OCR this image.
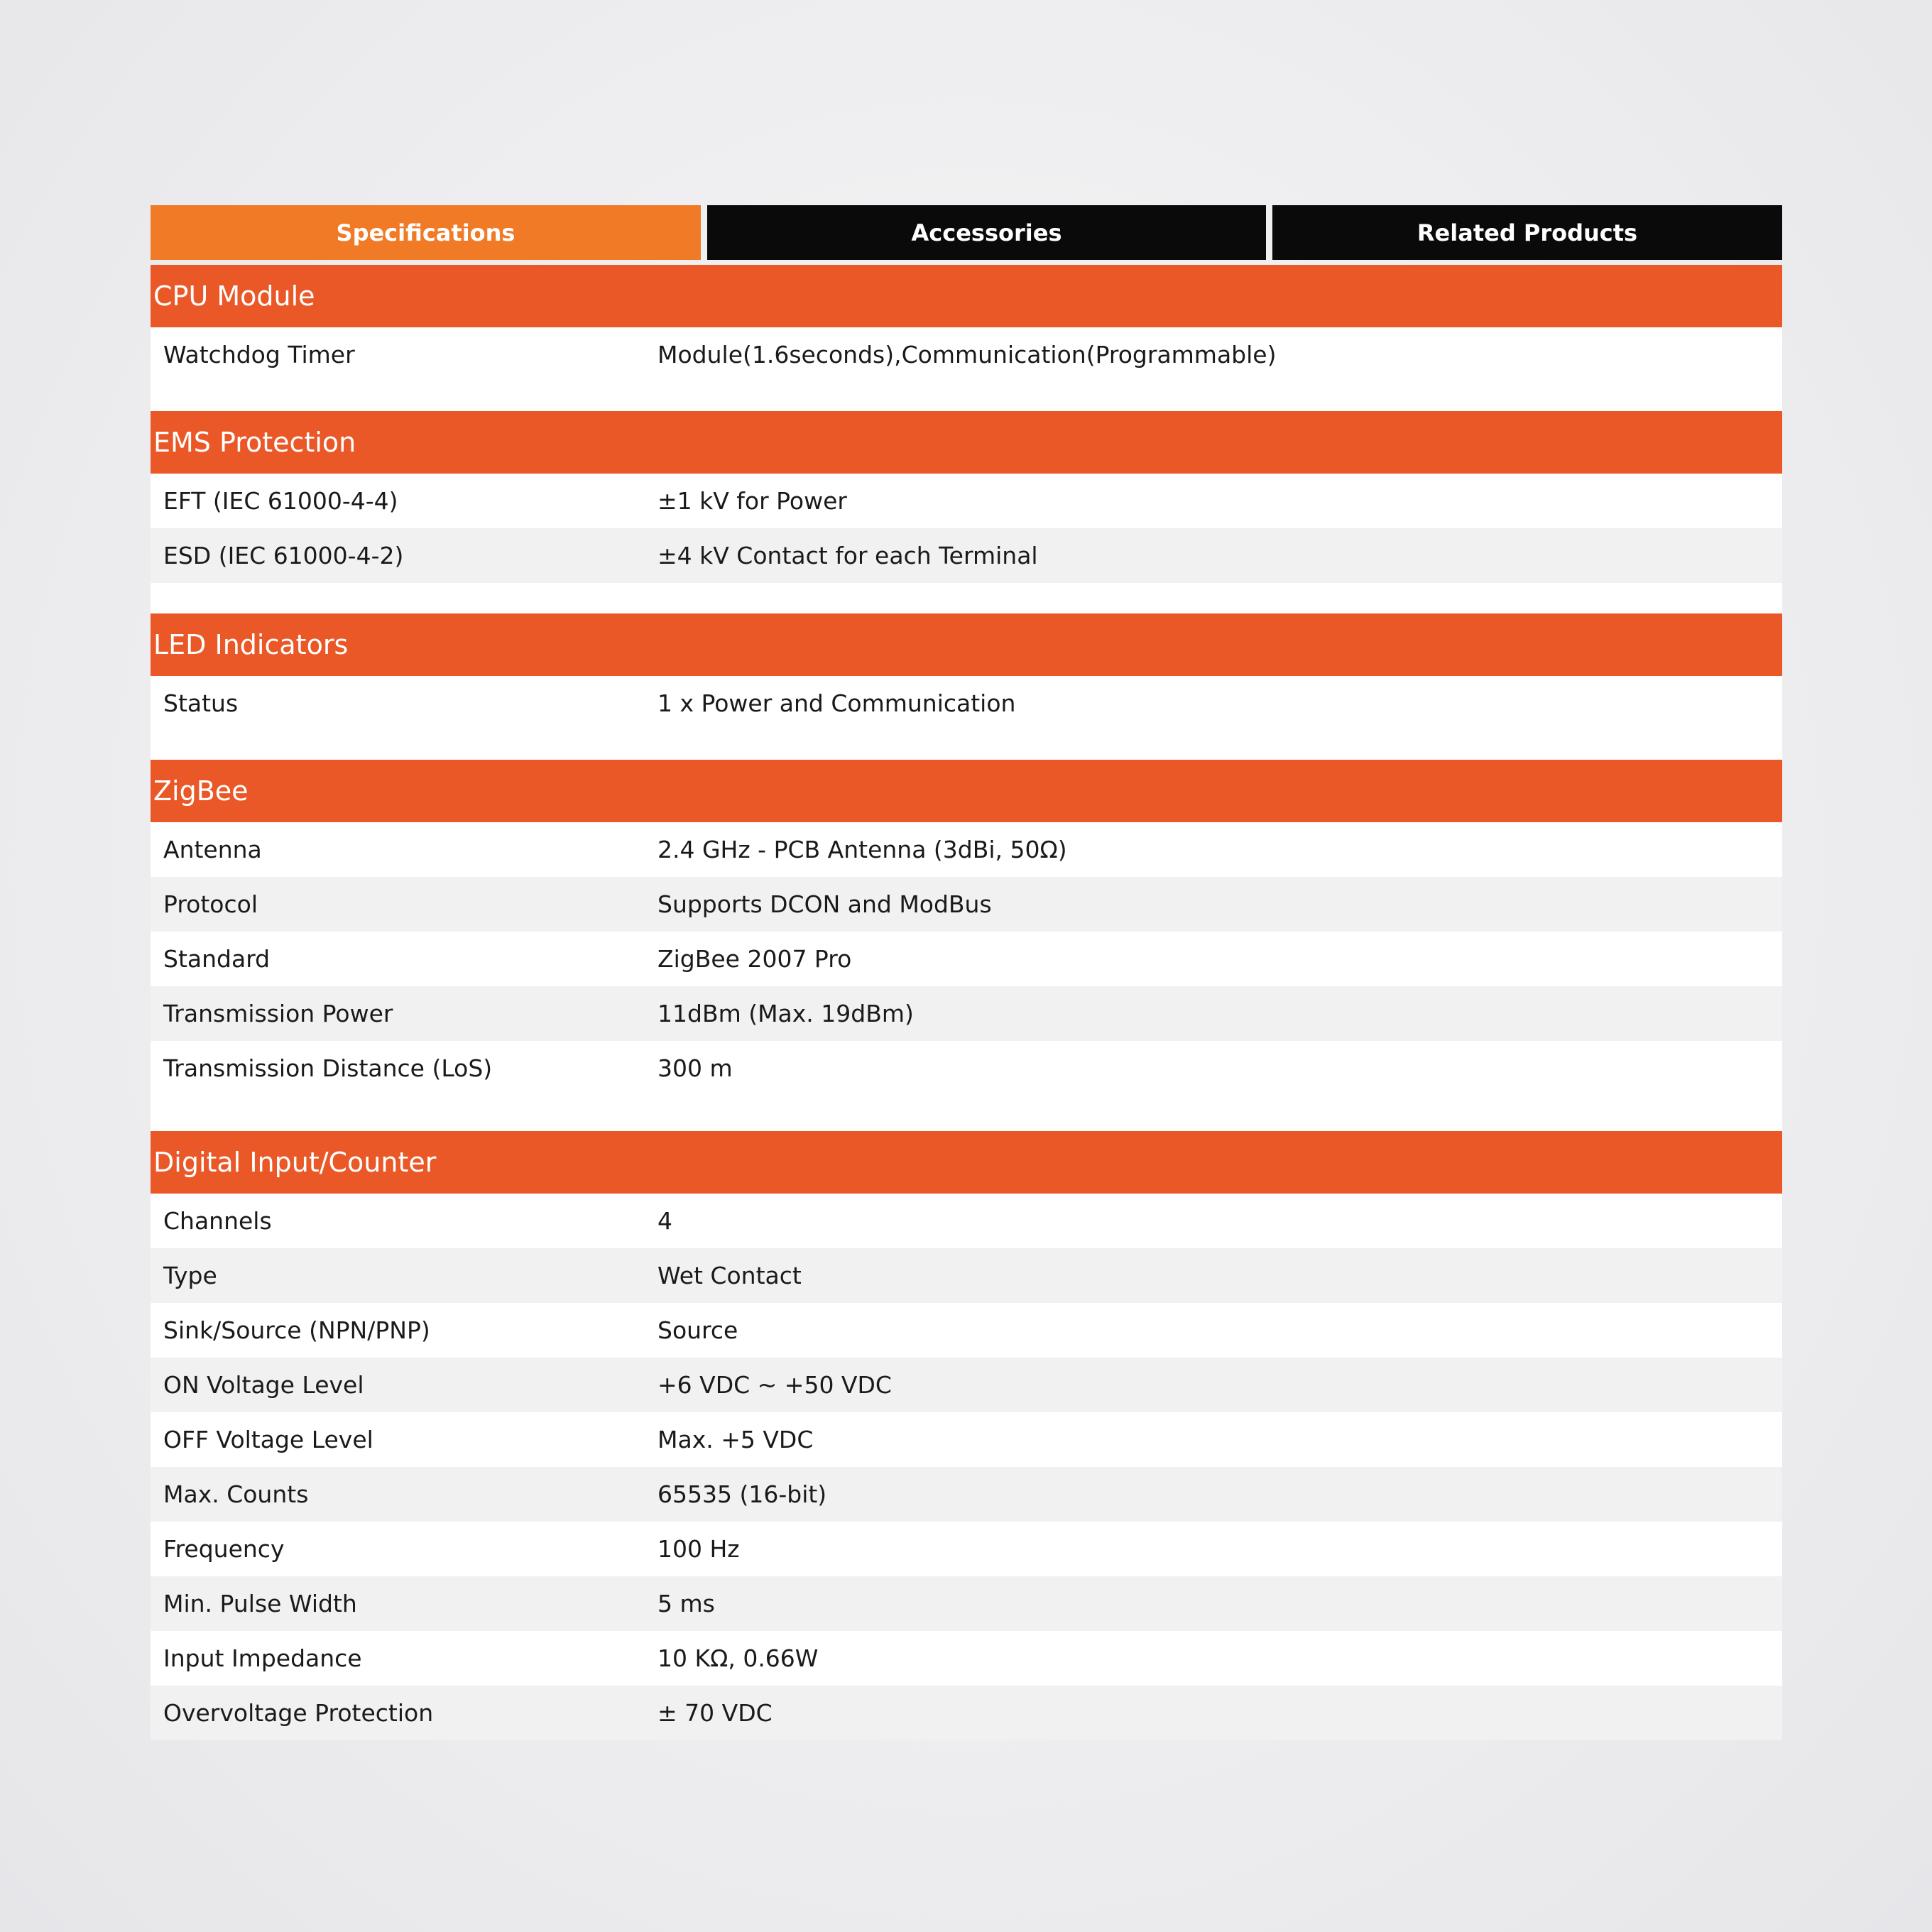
Specifications	Accessories	Related Products
CPU Module
Watchdog Timer	Module(1.6seconds),Communication(Programmable)
EMS Protection
EFT (IEC 61000-4-4)	±1 kV for Power
ESD (IEC 61000-4-2)	±4 kV Contact for each Terminal
LED Indicators
Status	1 x Power and Communication
ZigBee
Antenna	2.4 GHz - PCB Antenna (3dBi, 50Ω)
Protocol	Supports DCON and ModBus
Standard	ZigBee 2007 Pro
Transmission Power	11dBm (Max. 19dBm)
Transmission Distance (LoS)	300 m
Digital Input/Counter
Channels	4
Type	Wet Contact
Sink/Source (NPN/PNP)	Source
ON Voltage Level	+6 VDC ~ +50 VDC
OFF Voltage Level	Max. +5 VDC
Max. Counts	65535 (16-bit)
Frequency	100 Hz
Min. Pulse Width	5 ms
Input Impedance	10 KΩ, 0.66W
Overvoltage Protection	± 70 VDC
